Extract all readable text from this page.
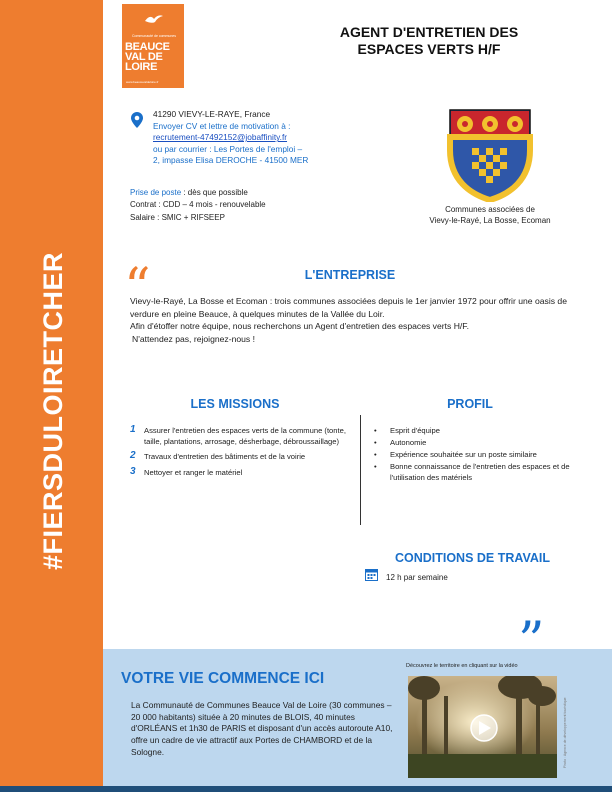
#FIERSDULOIRETCHER
Communauté de communes
BEAUCE
VAL DE
LOIRE
www.beaucevaldeloire.fr
AGENT D'ENTRETIEN DES
ESPACES VERTS H/F
41290 VIEVY-LE-RAYE, France
Envoyer CV et lettre de motivation à :
recrutement-47492152@jobaffinity.fr
ou par courrier : Les Portes de l'emploi –
2, impasse Elisa DEROCHE - 41500 MER
Prise de poste : dès que possible
Contrat : CDD – 4 mois - renouvelable
Salaire : SMIC + RIFSEEP
Communes associées de
Vievy-le-Rayé, La Bosse, Ecoman
“	L'ENTREPRISE

Vievy-le-Rayé, La Bosse et Ecoman : trois communes associées depuis le 1er janvier 1972 pour offrir une oasis de verdure en pleine Beauce, à quelques minutes de la Vallée du Loir.

Afin d'étoffer notre équipe, nous recherchons un Agent d'entretien des espaces verts H/F.

N'attendez pas, rejoignez-nous !

LES MISSIONS
1 Assurer l'entretien des espaces verts de la commune (tonte, taille, plantations, arrosage, désherbage, débroussaillage)
2 Travaux d'entretien des bâtiments et de la voirie
3 Nettoyer et ranger le matériel
PROFIL
• Esprit d'équipe
• Autonomie
• Expérience souhaitée sur un poste similaire
• Bonne connaissance de l'entretien des espaces et de l'utilisation des matériels
CONDITIONS DE TRAVAIL
12 h par semaine
”
VOTRE VIE COMMENCE ICI
La Communauté de Communes Beauce Val de Loire (30 communes – 20 000 habitants) située à 20 minutes de BLOIS, 40 minutes d'ORLÉANS et 1h30 de PARIS et disposant d'un accès autoroute A10, offre un cadre de vie attractif aux Portes de CHAMBORD et de la Sologne.
Découvrez le territoire en cliquant sur la vidéo
Photo : Agence de développement touristique
